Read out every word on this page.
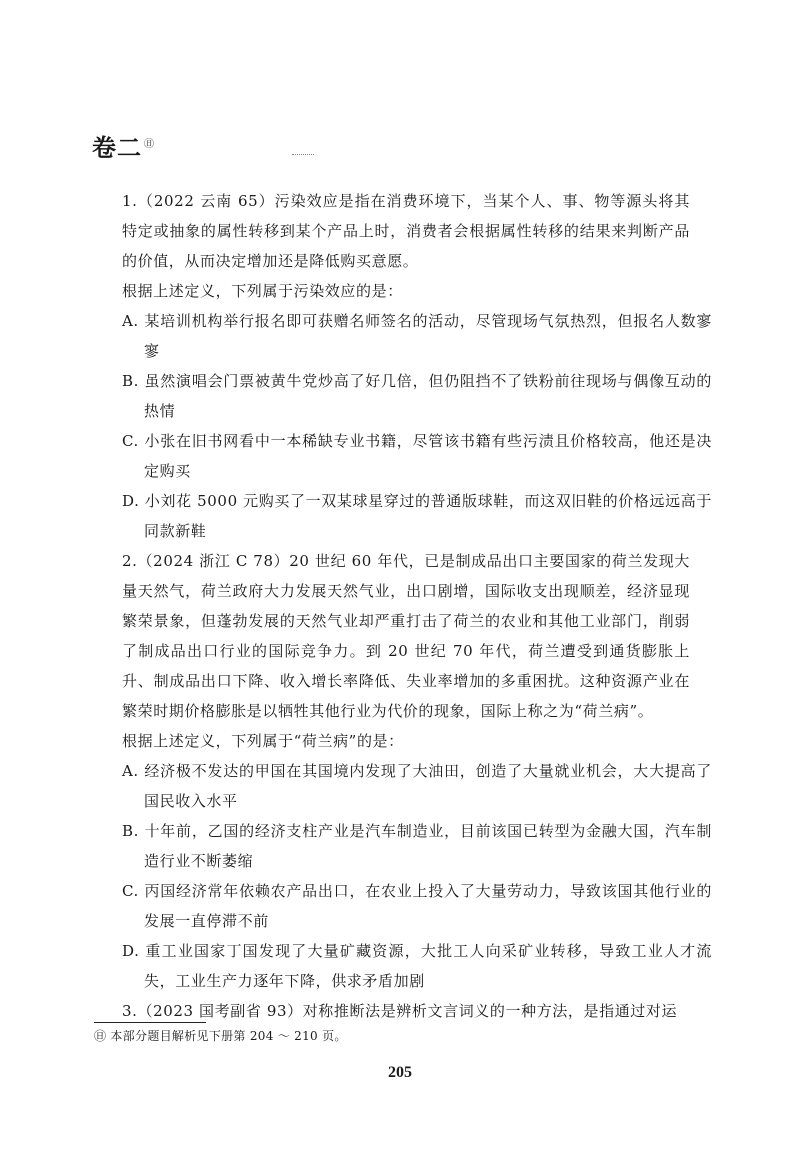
卷二 ㊐

1.（2022 云南 65）污染效应是指在消费环境下，当某个人、事、物等源头将其特定或抽象的属性转移到某个产品上时，消费者会根据属性转移的结果来判断产品的价值，从而决定增加还是降低购买意愿。

根据上述定义，下列属于污染效应的是：

A. 某培训机构举行报名即可获赠名师签名的活动，尽管现场气氛热烈，但报名人数寥寥

B. 虽然演唱会门票被黄牛党炒高了好几倍，但仍阻挡不了铁粉前往现场与偶像互动的热情

C. 小张在旧书网看中一本稀缺专业书籍，尽管该书籍有些污渍且价格较高，他还是决定购买

D. 小刘花 5000 元购买了一双某球星穿过的普通版球鞋，而这双旧鞋的价格远远高于同款新鞋

2.（2024 浙江 C 78）20 世纪 60 年代，已是制成品出口主要国家的荷兰发现大量天然气，荷兰政府大力发展天然气业，出口剧增，国际收支出现顺差，经济显现繁荣景象，但蓬勃发展的天然气业却严重打击了荷兰的农业和其他工业部门，削弱了制成品出口行业的国际竞争力。到 20 世纪 70 年代，荷兰遭受到通货膨胀上升、制成品出口下降、收入增长率降低、失业率增加的多重困扰。这种资源产业在繁荣时期价格膨胀是以牺牲其他行业为代价的现象，国际上称之为“荷兰病”。

根据上述定义，下列属于“荷兰病”的是：

A. 经济极不发达的甲国在其国境内发现了大油田，创造了大量就业机会，大大提高了国民收入水平

B. 十年前，乙国的经济支柱产业是汽车制造业，目前该国已转型为金融大国，汽车制造行业不断萎缩

C. 丙国经济常年依赖农产品出口，在农业上投入了大量劳动力，导致该国其他行业的发展一直停滞不前

D. 重工业国家丁国发现了大量矿藏资源，大批工人向采矿业转移，导致工业人才流失，工业生产力逐年下降，供求矛盾加剧

3.（2023 国考副省 93）对称推断法是辨析文言词义的一种方法，是指通过对运

㊐ 本部分题目解析见下册第 204 ～ 210 页。
205
